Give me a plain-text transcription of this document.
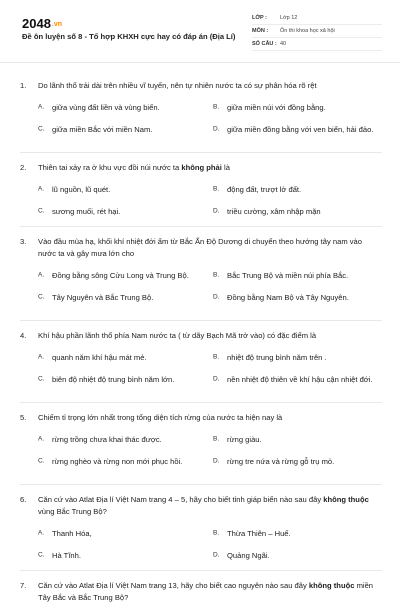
2048.vn
Đề ôn luyện số 8 - Tổ hợp KHXH cực hay có đáp án (Địa Lí)
LỚP :	Lớp 12
MÔN :	Ôn thi khoa học xã hội
SỐ CÂU : 40
1. Do lãnh thổ trải dài trên nhiều vĩ tuyến, nên tự nhiên nước ta có sự phân hóa rõ rệt
A. giữa vùng đất liền và vùng biển.	B. giữa miền núi với đồng bằng.
C. giữa miền Bắc với miền Nam.	D. giữa miền đồng bằng với ven biển, hải đảo.
2. Thiên tai xảy ra ở khu vực đồi núi nước ta không phải là
A. lũ nguồn, lũ quét.	B. động đất, trượt lở đất.
C. sương muối, rét hại.	D. triều cường, xâm nhập mặn
3. Vào đầu mùa hạ, khối khí nhiệt đới ẩm từ Bắc Ấn Độ Dương di chuyển theo hướng tây nam vào nước ta và gây mưa lớn cho
A. Đồng bằng sông Cửu Long và Trung Bộ.	B. Bắc Trung Bộ và miền núi phía Bắc.
C. Tây Nguyên và Bắc Trung Bộ.	D. Đồng bằng Nam Bộ và Tây Nguyên.
4. Khí hậu phần lãnh thổ phía Nam nước ta ( từ dãy Bạch Mã trở vào) có đặc điểm là
A. quanh năm khí hậu mát mẻ.	B. nhiệt độ trung bình năm trên .
C. biên độ nhiệt độ trung bình năm lớn.	D. nền nhiệt độ thiên về khí hậu cận nhiệt đới.
5. Chiếm tỉ trọng lớn nhất trong tổng diện tích rừng của nước ta hiện nay là
A. rừng trồng chưa khai thác được.	B. rừng giàu.
C. rừng nghèo và rừng non mới phục hồi.	D. rừng tre nứa và rừng gỗ trụ mỏ.
6. Căn cứ vào Atlat Địa lí Việt Nam trang 4 – 5, hãy cho biết tỉnh giáp biển nào sau đây không thuộc vùng Bắc Trung Bộ?
A. Thanh Hóa,	B. Thừa Thiên – Huế.
C. Hà Tĩnh.	D. Quảng Ngãi.
7. Căn cứ vào Atlat Địa lí Việt Nam trang 13, hãy cho biết cao nguyên nào sau đây không thuộc miền Tây Bắc và Bắc Trung Bộ?
